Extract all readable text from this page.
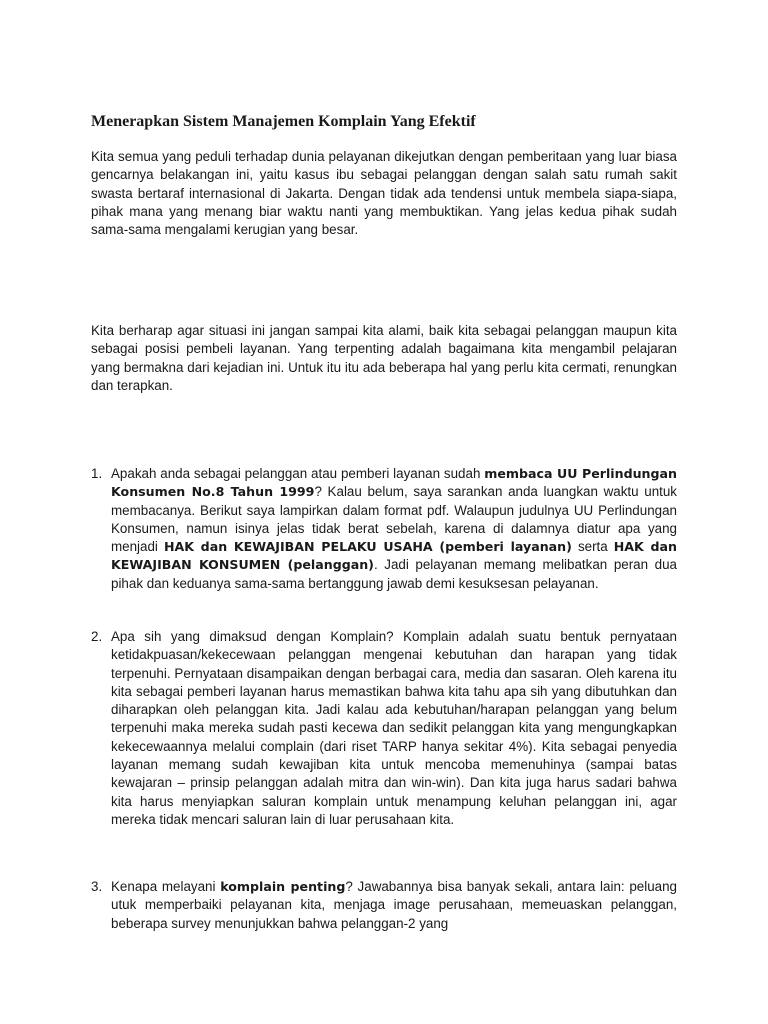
Menerapkan Sistem Manajemen Komplain Yang Efektif

Kita semua yang peduli terhadap dunia pelayanan dikejutkan dengan pemberitaan yang luar biasa gencarnya belakangan ini, yaitu kasus ibu sebagai pelanggan dengan salah satu rumah sakit swasta bertaraf internasional di Jakarta. Dengan tidak ada tendensi untuk membela siapa-siapa, pihak mana yang menang biar waktu nanti yang membuktikan. Yang jelas kedua pihak sudah sama-sama mengalami kerugian yang besar.

Kita berharap agar situasi ini jangan sampai kita alami, baik kita sebagai pelanggan maupun kita sebagai posisi pembeli layanan. Yang terpenting adalah bagaimana kita mengambil pelajaran yang bermakna dari kejadian ini. Untuk itu itu ada beberapa hal yang perlu kita cermati, renungkan dan terapkan.

1. Apakah anda sebagai pelanggan atau pemberi layanan sudah membaca UU Perlindungan Konsumen No.8 Tahun 1999? Kalau belum, saya sarankan anda luangkan waktu untuk membacanya. Berikut saya lampirkan dalam format pdf. Walaupun judulnya UU Perlindungan Konsumen, namun isinya jelas tidak berat sebelah, karena di dalamnya diatur apa yang menjadi HAK dan KEWAJIBAN PELAKU USAHA (pemberi layanan) serta HAK dan KEWAJIBAN KONSUMEN (pelanggan). Jadi pelayanan memang melibatkan peran dua pihak dan keduanya sama-sama bertanggung jawab demi kesuksesan pelayanan.
2. Apa sih yang dimaksud dengan Komplain? Komplain adalah suatu bentuk pernyataan ketidakpuasan/kekecewaan pelanggan mengenai kebutuhan dan harapan yang tidak terpenuhi. Pernyataan disampaikan dengan berbagai cara, media dan sasaran. Oleh karena itu kita sebagai pemberi layanan harus memastikan bahwa kita tahu apa sih yang dibutuhkan dan diharapkan oleh pelanggan kita. Jadi kalau ada kebutuhan/harapan pelanggan yang belum terpenuhi maka mereka sudah pasti kecewa dan sedikit pelanggan kita yang mengungkapkan kekecewaannya melalui complain (dari riset TARP hanya sekitar 4%). Kita sebagai penyedia layanan memang sudah kewajiban kita untuk mencoba memenuhinya (sampai batas kewajaran – prinsip pelanggan adalah mitra dan win-win). Dan kita juga harus sadari bahwa kita harus menyiapkan saluran komplain untuk menampung keluhan pelanggan ini, agar mereka tidak mencari saluran lain di luar perusahaan kita.
3. Kenapa melayani komplain penting? Jawabannya bisa banyak sekali, antara lain: peluang utuk memperbaiki pelayanan kita, menjaga image perusahaan, memeuaskan pelanggan, beberapa survey menunjukkan bahwa pelanggan-2 yang
